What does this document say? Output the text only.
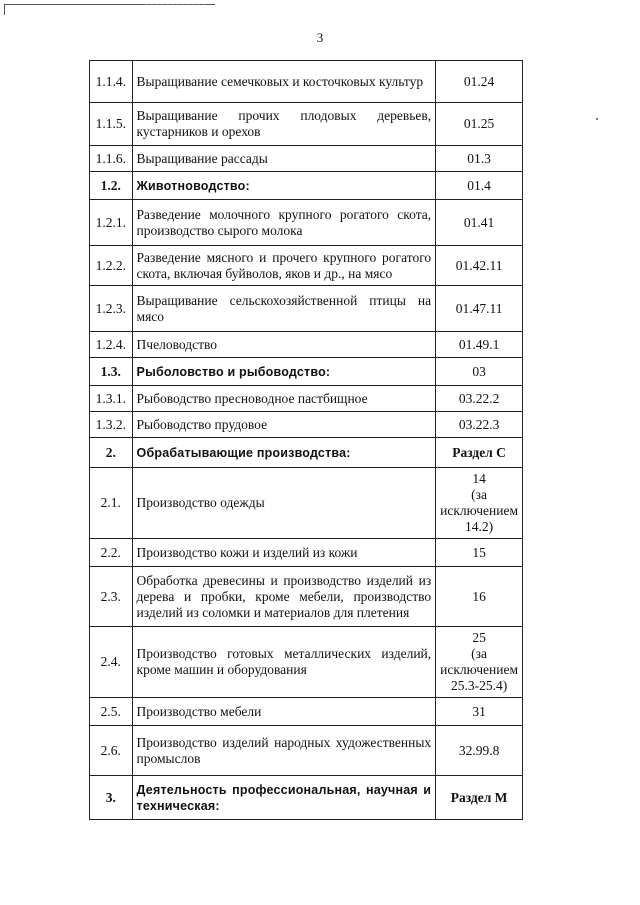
3
1.1.4.	Выращивание семечковых и косточковых культур	01.24
1.1.5.	Выращивание прочих плодовых деревьев, кустарников и орехов	01.25
1.1.6.	Выращивание рассады	01.3
1.2.	Животноводство:	01.4
1.2.1.	Разведение молочного крупного рогатого скота, производство сырого молока	01.41
1.2.2.	Разведение мясного и прочего крупного рогатого скота, включая буйволов, яков и др., на мясо	01.42.11
1.2.3.	Выращивание сельскохозяйственной птицы на мясо	01.47.11
1.2.4.	Пчеловодство	01.49.1
1.3.	Рыболовство и рыбоводство:	03
1.3.1.	Рыбоводство пресноводное пастбищное	03.22.2
1.3.2.	Рыбоводство прудовое	03.22.3
2.	Обрабатывающие производства:	Раздел С
2.1.	Производство одежды	14
(за исключением 14.2)

2.2.	Производство кожи и изделий из кожи	15
2.3.	Обработка древесины и производство изделий из дерева и пробки, кроме мебели, производство изделий из соломки и материалов для плетения	16
2.4.	Производство готовых металлических изделий, кроме машин и оборудования	25
(за исключением 25.3-25.4)

2.5.	Производство мебели	31
2.6.	Производство изделий народных художественных промыслов	32.99.8
3.	Деятельность профессиональная, научная и техническая:	Раздел М
